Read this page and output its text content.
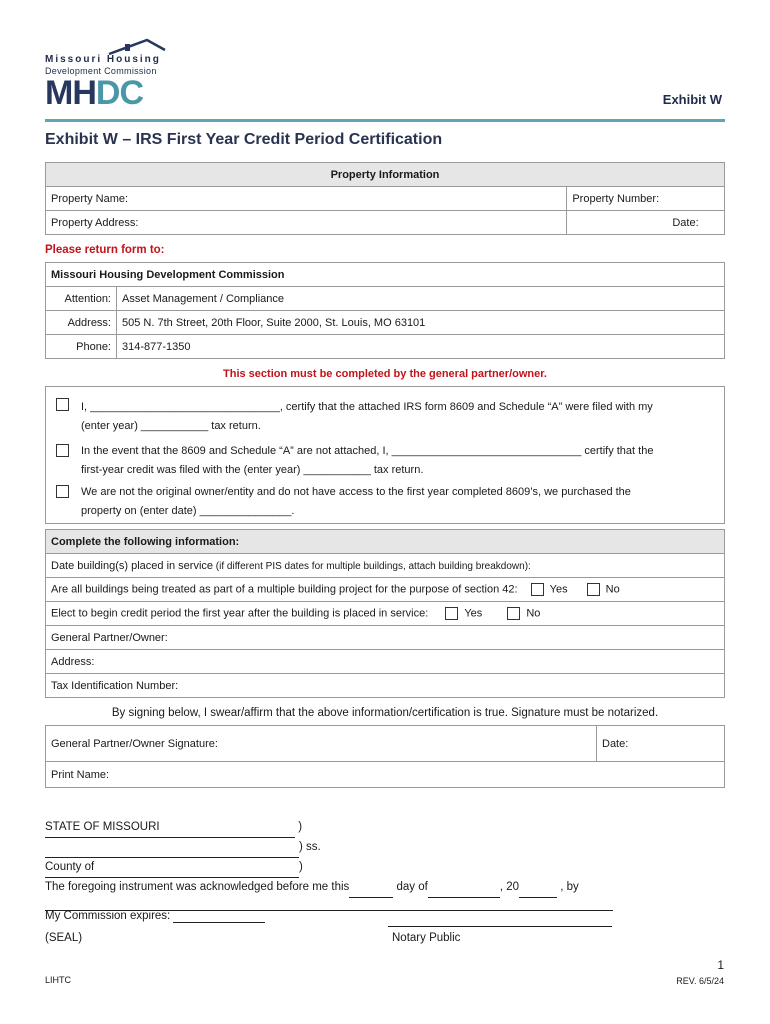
Missouri Housing
Development Commission
MHDC	Exhibit W
Exhibit W – IRS First Year Credit Period Certification
Property Information	
Property Name:	Property Number:
Property Address:	Date:
Please return form to:
Missouri Housing Development Commission	
Attention:	Asset Management / Compliance
Address:	505 N. 7th Street, 20th Floor, Suite 2000, St. Louis, MO 63101
Phone:	314-877-1350
This section must be completed by the general partner/owner.
I, _______________________________, certify that the attached IRS form 8609 and Schedule “A” were filed with my
(enter year) ___________ tax return.
In the event that the 8609 and Schedule “A” are not attached, I, _______________________________ certify that the
first-year credit was filed with the (enter year) ___________ tax return.
We are not the original owner/entity and do not have access to the first year completed 8609’s, we purchased the
property on (enter date) _______________.
Complete the following information:
Date building(s) placed in service (if different PIS dates for multiple buildings, attach building breakdown):
Are all buildings being treated as part of a multiple building project for the purpose of section 42:	Yes	No
Elect to begin credit period the first year after the building is placed in service:	Yes	No
General Partner/Owner:
Address:
Tax Identification Number:
By signing below, I swear/affirm that the above information/certification is true. Signature must be notarized.
General Partner/Owner Signature:	Date:
Print Name:
STATE OF MISSOURI	)
) ss.
County of	)
The foregoing instrument was acknowledged before me this	day of	, 20	, by
My Commission expires:
(SEAL)	Notary Public
1
LIHTC	REV. 6/5/24
